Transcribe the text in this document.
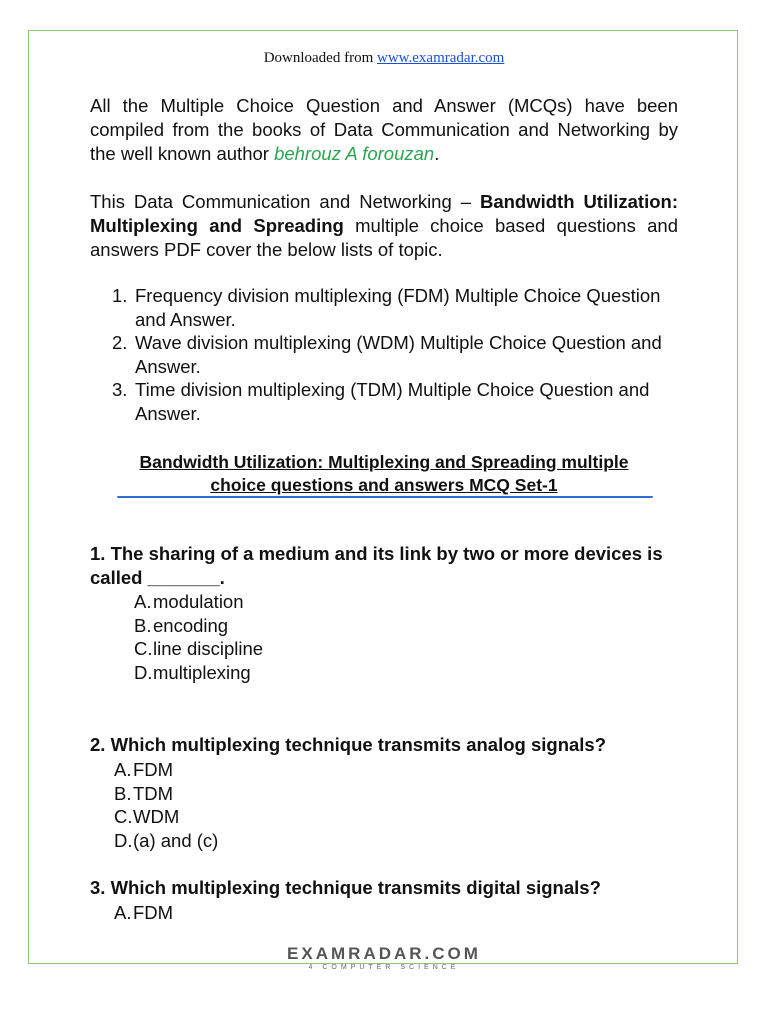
Downloaded from www.examradar.com
All the Multiple Choice Question and Answer (MCQs) have been compiled from the books of Data Communication and Networking by the well known author behrouz A forouzan.
This Data Communication and Networking – Bandwidth Utilization: Multiplexing and Spreading multiple choice based questions and answers PDF cover the below lists of topic.
1. Frequency division multiplexing (FDM) Multiple Choice Question and Answer.
2. Wave division multiplexing (WDM) Multiple Choice Question and Answer.
3. Time division multiplexing (TDM) Multiple Choice Question and Answer.
Bandwidth Utilization: Multiplexing and Spreading multiple
choice questions and answers MCQ Set-1
1. The sharing of a medium and its link by two or more devices is called _______.
A. modulation
B. encoding
C. line discipline
D. multiplexing
2. Which multiplexing technique transmits analog signals?
A. FDM
B. TDM
C. WDM
D. (a) and (c)
3. Which multiplexing technique transmits digital signals?
A. FDM
EXAMRADAR.COM
4 COMPUTER SCIENCE
